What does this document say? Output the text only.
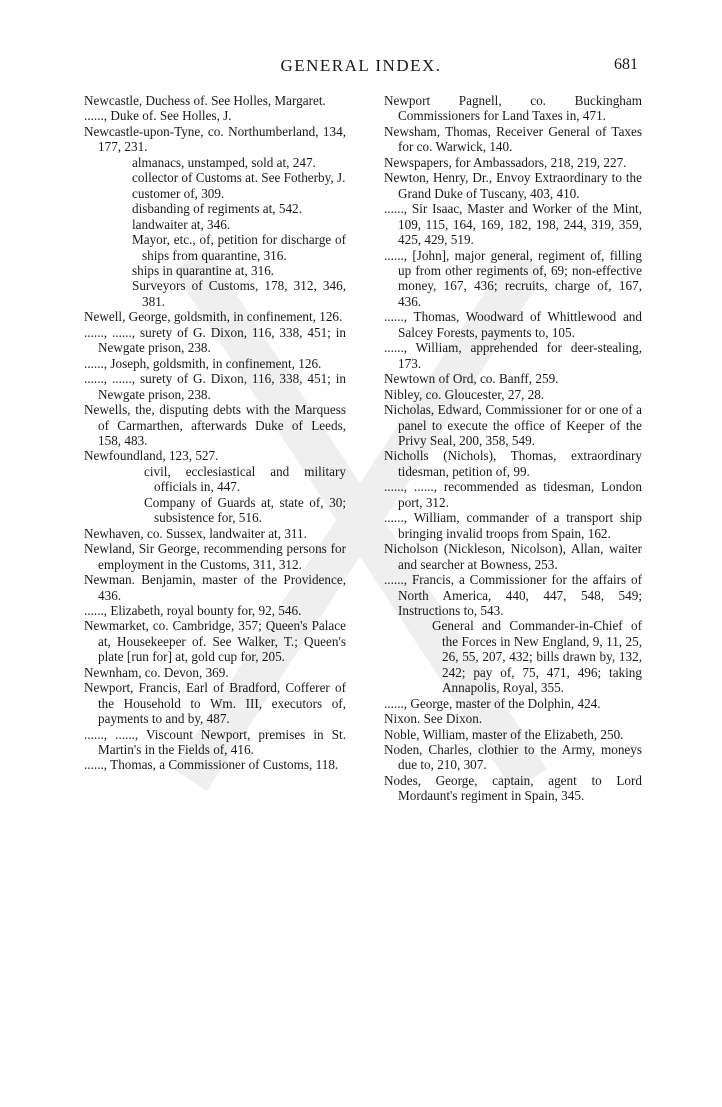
GENERAL INDEX.	681
Newcastle, Duchess of. See Holles, Margaret.
......, Duke of. See Holles, J.
Newcastle-upon-Tyne, co. Northumberland, 134, 177, 231.
almanacs, unstamped, sold at, 247.
collector of Customs at. See Fotherby, J.
customer of, 309.
disbanding of regiments at, 542.
landwaiter at, 346.
Mayor, etc., of, petition for discharge of ships from quarantine, 316.
ships in quarantine at, 316.
Surveyors of Customs, 178, 312, 346, 381.
Newell, George, goldsmith, in confinement, 126.
......, ......, surety of G. Dixon, 116, 338, 451; in Newgate prison, 238.
......, Joseph, goldsmith, in confinement, 126.
......, ......, surety of G. Dixon, 116, 338, 451; in Newgate prison, 238.
Newells, the, disputing debts with the Marquess of Carmarthen, afterwards Duke of Leeds, 158, 483.
Newfoundland, 123, 527.
civil, ecclesiastical and military officials in, 447.
Company of Guards at, state of, 30; subsistence for, 516.
Newhaven, co. Sussex, landwaiter at, 311.
Newland, Sir George, recommending persons for employment in the Customs, 311, 312.
Newman. Benjamin, master of the Providence, 436.
......, Elizabeth, royal bounty for, 92, 546.
Newmarket, co. Cambridge, 357; Queen's Palace at, Housekeeper of. See Walker, T.; Queen's plate [run for] at, gold cup for, 205.
Newnham, co. Devon, 369.
Newport, Francis, Earl of Bradford, Cofferer of the Household to Wm. III, executors of, payments to and by, 487.
......, ......, Viscount Newport, premises in St. Martin's in the Fields of, 416.
......, Thomas, a Commissioner of Customs, 118.
Newport Pagnell, co. Buckingham Commissioners for Land Taxes in, 471.
Newsham, Thomas, Receiver General of Taxes for co. Warwick, 140.
Newspapers, for Ambassadors, 218, 219, 227.
Newton, Henry, Dr., Envoy Extraordinary to the Grand Duke of Tuscany, 403, 410.
......, Sir Isaac, Master and Worker of the Mint, 109, 115, 164, 169, 182, 198, 244, 319, 359, 425, 429, 519.
......, [John], major general, regiment of, filling up from other regiments of, 69; non-effective money, 167, 436; recruits, charge of, 167, 436.
......, Thomas, Woodward of Whittlewood and Salcey Forests, payments to, 105.
......, William, apprehended for deer-stealing, 173.
Newtown of Ord, co. Banff, 259.
Nibley, co. Gloucester, 27, 28.
Nicholas, Edward, Commissioner for or one of a panel to execute the office of Keeper of the Privy Seal, 200, 358, 549.
Nicholls (Nichols), Thomas, extraordinary tidesman, petition of, 99.
......, ......, recommended as tidesman, London port, 312.
......, William, commander of a transport ship bringing invalid troops from Spain, 162.
Nicholson (Nickleson, Nicolson), Allan, waiter and searcher at Bowness, 253.
......, Francis, a Commissioner for the affairs of North America, 440, 447, 548, 549; Instructions to, 543.
General and Commander-in-Chief of the Forces in New England, 9, 11, 25, 26, 55, 207, 432; bills drawn by, 132, 242; pay of, 75, 471, 496; taking Annapolis, Royal, 355.
......, George, master of the Dolphin, 424.
Nixon. See Dixon.
Noble, William, master of the Elizabeth, 250.
Noden, Charles, clothier to the Army, moneys due to, 210, 307.
Nodes, George, captain, agent to Lord Mordaunt's regiment in Spain, 345.
